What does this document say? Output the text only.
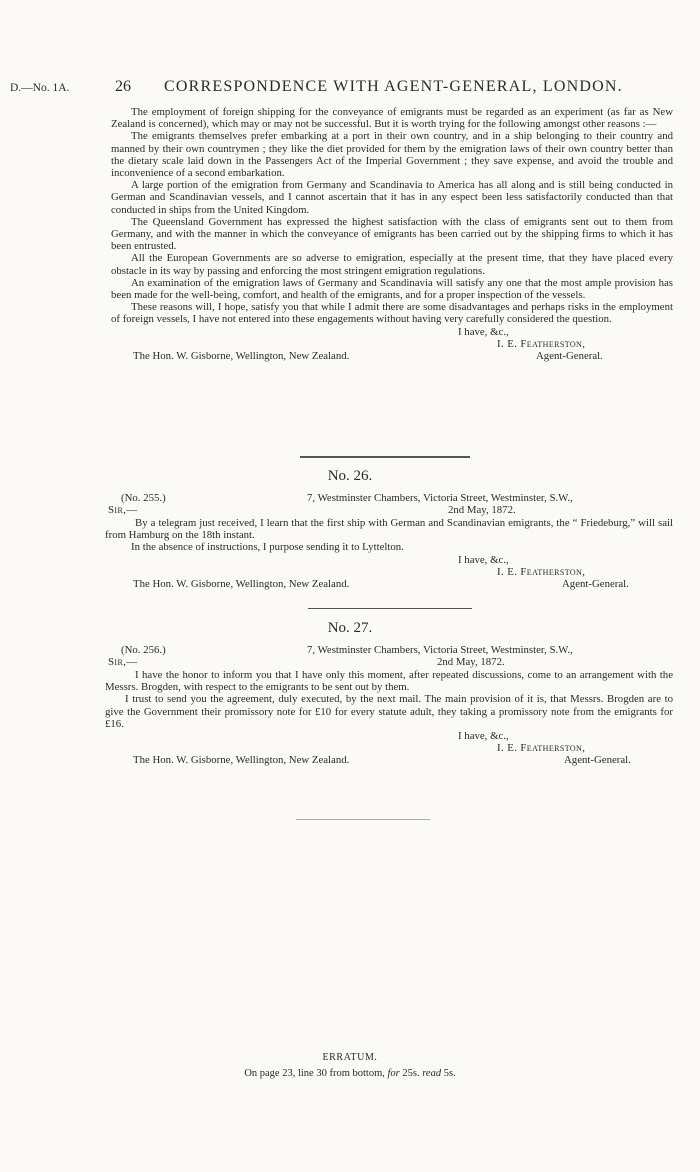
D.—No. 1A.	26 CORRESPONDENCE WITH AGENT-GENERAL, LONDON.

The employment of foreign shipping for the conveyance of emigrants must be regarded as an experiment (as far as New Zealand is concerned), which may or may not be successful. But it is worth trying for the following amongst other reasons :—

The emigrants themselves prefer embarking at a port in their own country, and in a ship belonging to their country and manned by their own countrymen ; they like the diet provided for them by the emigration laws of their own country better than the dietary scale laid down in the Passengers Act of the Imperial Government ; they save expense, and avoid the trouble and inconvenience of a second embarkation.

A large portion of the emigration from Germany and Scandinavia to America has all along and is still being conducted in German and Scandinavian vessels, and I cannot ascertain that it has in any espect been less satisfactorily conducted than that conducted in ships from the United Kingdom.

The Queensland Government has expressed the highest satisfaction with the class of emigrants sent out to them from Germany, and with the manner in which the conveyance of emigrants has been carried out by the shipping firms to which it has been entrusted.

All the European Governments are so adverse to emigration, especially at the present time, that they have placed every obstacle in its way by passing and enforcing the most stringent emigration regulations.

An examination of the emigration laws of Germany and Scandinavia will satisfy any one that the most ample provision has been made for the well-being, comfort, and health of the emigrants, and for a proper inspection of the vessels.

These reasons will, I hope, satisfy you that while I admit there are some disadvantages and perhaps risks in the employment of foreign vessels, I have not entered into these engagements without having very carefully considered the question.

I have, &c.,
I. E. Featherston,
The Hon. W. Gisborne, Wellington, New Zealand.	Agent-General.
No. 26.
(No. 255.)	7, Westminster Chambers, Victoria Street, Westminster, S.W.,
2nd May, 1872.
Sir,—

By a telegram just received, I learn that the first ship with German and Scandinavian emigrants, the “ Friedeburg,” will sail from Hamburg on the 18th instant.

In the absence of instructions, I purpose sending it to Lyttelton.

I have, &c.,
I. E. Featherston,
The Hon. W. Gisborne, Wellington, New Zealand.	Agent-General.
No. 27.
(No. 256.)	7, Westminster Chambers, Victoria Street, Westminster, S.W.,
2nd May, 1872.
Sir,—

I have the honor to inform you that I have only this moment, after repeated discussions, come to an arrangement with the Messrs. Brogden, with respect to the emigrants to be sent out by them.

I trust to send you the agreement, duly executed, by the next mail. The main provision of it is, that Messrs. Brogden are to give the Government their promissory note for £10 for every statute adult, they taking a promissory note from the emigrants for £16.

I have, &c.,
I. E. Featherston,
The Hon. W. Gisborne, Wellington, New Zealand.	Agent-General.
ERRATUM.
On page 23, line 30 from bottom, for 25s. read 5s.
